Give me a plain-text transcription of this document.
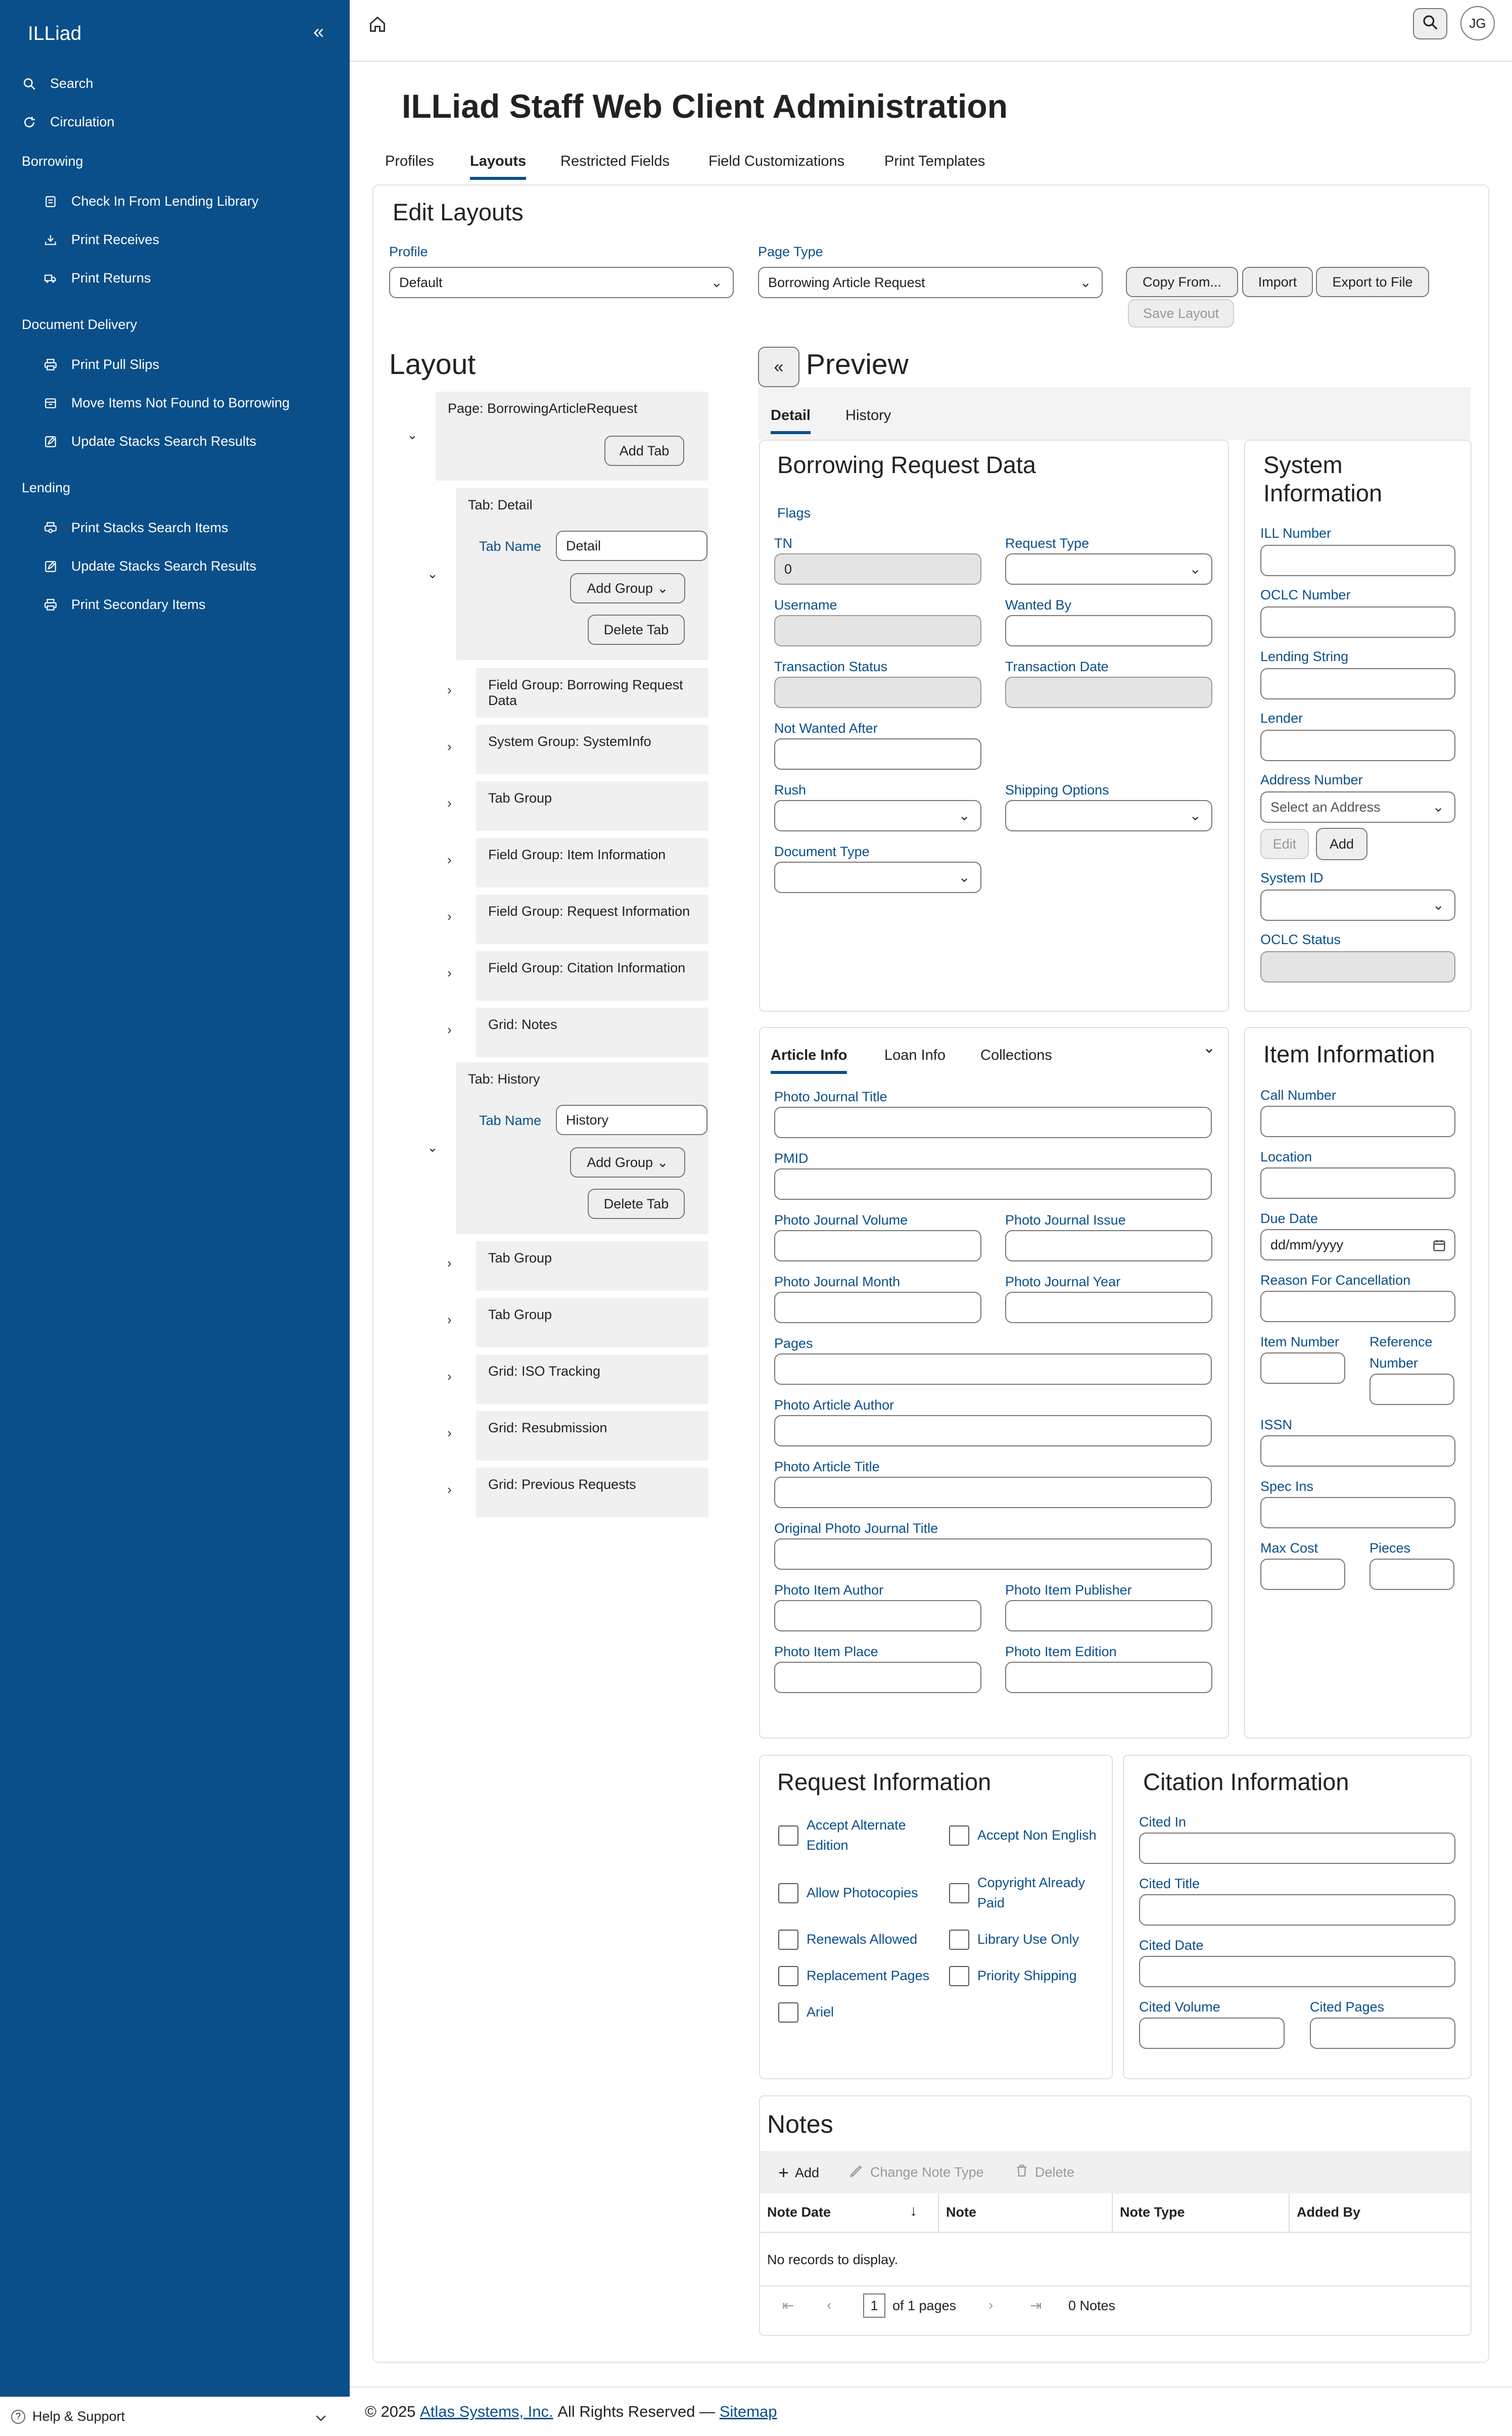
ILLiad	«
Search
Circulation
Borrowing
Check In From Lending Library
Print Receives
Print Returns
Document Delivery
Print Pull Slips
Move Items Not Found to Borrowing
Update Stacks Search Results
Lending
Print Stacks Search Items
Update Stacks Search Results
Print Secondary Items
? Help & Support
JG
ILLiad Staff Web Client Administration
Profiles Layouts Restricted Fields	Field Customizations	Print Templates
Edit Layouts
Profile
Default	⌄
Page Type
Borrowing Article Request	⌄	Copy From...	Import	Export to File
Save Layout
Layout
⌄
Page: BorrowingArticleRequest
Add Tab
⌄
Tab: Detail
Tab Name	Detail
Add Group ⌄
Delete Tab
›	Field Group: Borrowing Request Data
›	System Group: SystemInfo
›	Tab Group
›	Field Group: Item Information
›	Field Group: Request Information
›	Field Group: Citation Information
›	Grid: Notes
⌄
Tab: History
Tab Name	History
Add Group ⌄
Delete Tab
›	Tab Group
›	Tab Group
›	Grid: ISO Tracking
›	Grid: Resubmission
›	Grid: Previous Requests
« Preview
Detail History
Borrowing Request Data
Flags
TN
0
Request Type
⌄
Username	Wanted By
Transaction Status	Transaction Date
Not Wanted After
Rush
⌄
Shipping Options
⌄
Document Type
⌄
System
Information
ILL Number
OCLC Number
Lending String
Lender
Address Number
Select an Address	⌄
Edit	Add
System ID
⌄
OCLC Status
Article Info	Loan Info Collections	⌄
Photo Journal Title
PMID
Photo Journal Volume	Photo Journal Issue
Photo Journal Month	Photo Journal Year
Pages
Photo Article Author
Photo Article Title
Original Photo Journal Title
Photo Item Author	Photo Item Publisher
Photo Item Place	Photo Item Edition
Item Information
Call Number
Location
Due Date
dd/mm/yyyy
Reason For Cancellation
Item Number Reference
Number
ISSN
Spec Ins
Max Cost	Pieces
Request Information
Accept Alternate
Edition
Accept Non English
Allow Photocopies
Copyright Already
Paid
Renewals Allowed	Library Use Only
Replacement Pages	Priority Shipping
Ariel
Citation Information
Cited In
Cited Title
Cited Date
Cited Volume	Cited Pages
Notes
+ Add	Change Note Type	Delete
Note Date	Note	Note Type	Added By
↓
No records to display.
⇤ ‹	1	of 1 pages ›	⇥ 0 Notes
© 2025
Atlas Systems, Inc.
All Rights Reserved —
Sitemap
